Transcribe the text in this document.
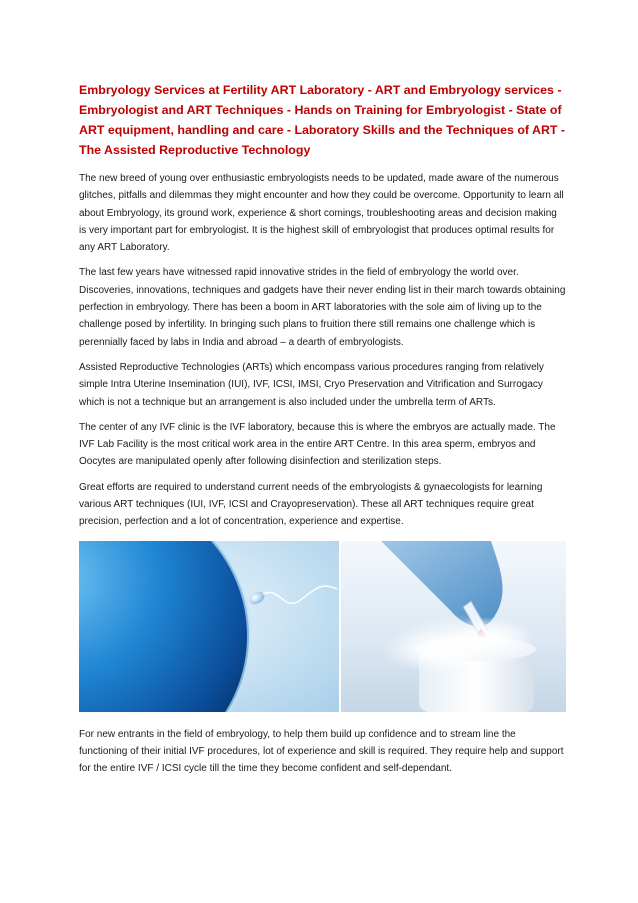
Embryology Services at Fertility ART Laboratory - ART and Embryology services - Embryologist and ART Techniques - Hands on Training for Embryologist - State of ART equipment, handling and care - Laboratory Skills and the Techniques of ART - The Assisted Reproductive Technology

The new breed of young over enthusiastic embryologists needs to be updated, made aware of the numerous glitches, pitfalls and dilemmas they might encounter and how they could be overcome. Opportunity to learn all about Embryology, its ground work, experience & short comings, troubleshooting areas and decision making is very important part for embryologist. It is the highest skill of embryologist that produces optimal results for any ART Laboratory.

The last few years have witnessed rapid innovative strides in the field of embryology the world over. Discoveries, innovations, techniques and gadgets have their never ending list in their march towards obtaining perfection in embryology. There has been a boom in ART laboratories with the sole aim of living up to the challenge posed by infertility. In bringing such plans to fruition there still remains one challenge which is perennially faced by labs in India and abroad – a dearth of embryologists.

Assisted Reproductive Technologies (ARTs) which encompass various procedures ranging from relatively simple Intra Uterine Insemination (IUI), IVF, ICSI, IMSI, Cryo Preservation and Vitrification and Surrogacy which is not a technique but an arrangement is also included under the umbrella term of ARTs.

The center of any IVF clinic is the IVF laboratory, because this is where the embryos are actually made. The IVF Lab Facility is the most critical work area in the entire ART Centre. In this area sperm, embryos and Oocytes are manipulated openly after following disinfection and sterilization steps.

Great efforts are required to understand current needs of the embryologists & gynaecologists for learning various ART techniques (IUI, IVF, ICSI and Crayopreservation). These all ART techniques require great precision, perfection and a lot of concentration, experience and expertise.

For new entrants in the field of embryology, to help them build up confidence and to stream line the functioning of their initial IVF procedures, lot of experience and skill is required. They require help and support for the entire IVF / ICSI cycle till the time they become confident and self-dependant.
